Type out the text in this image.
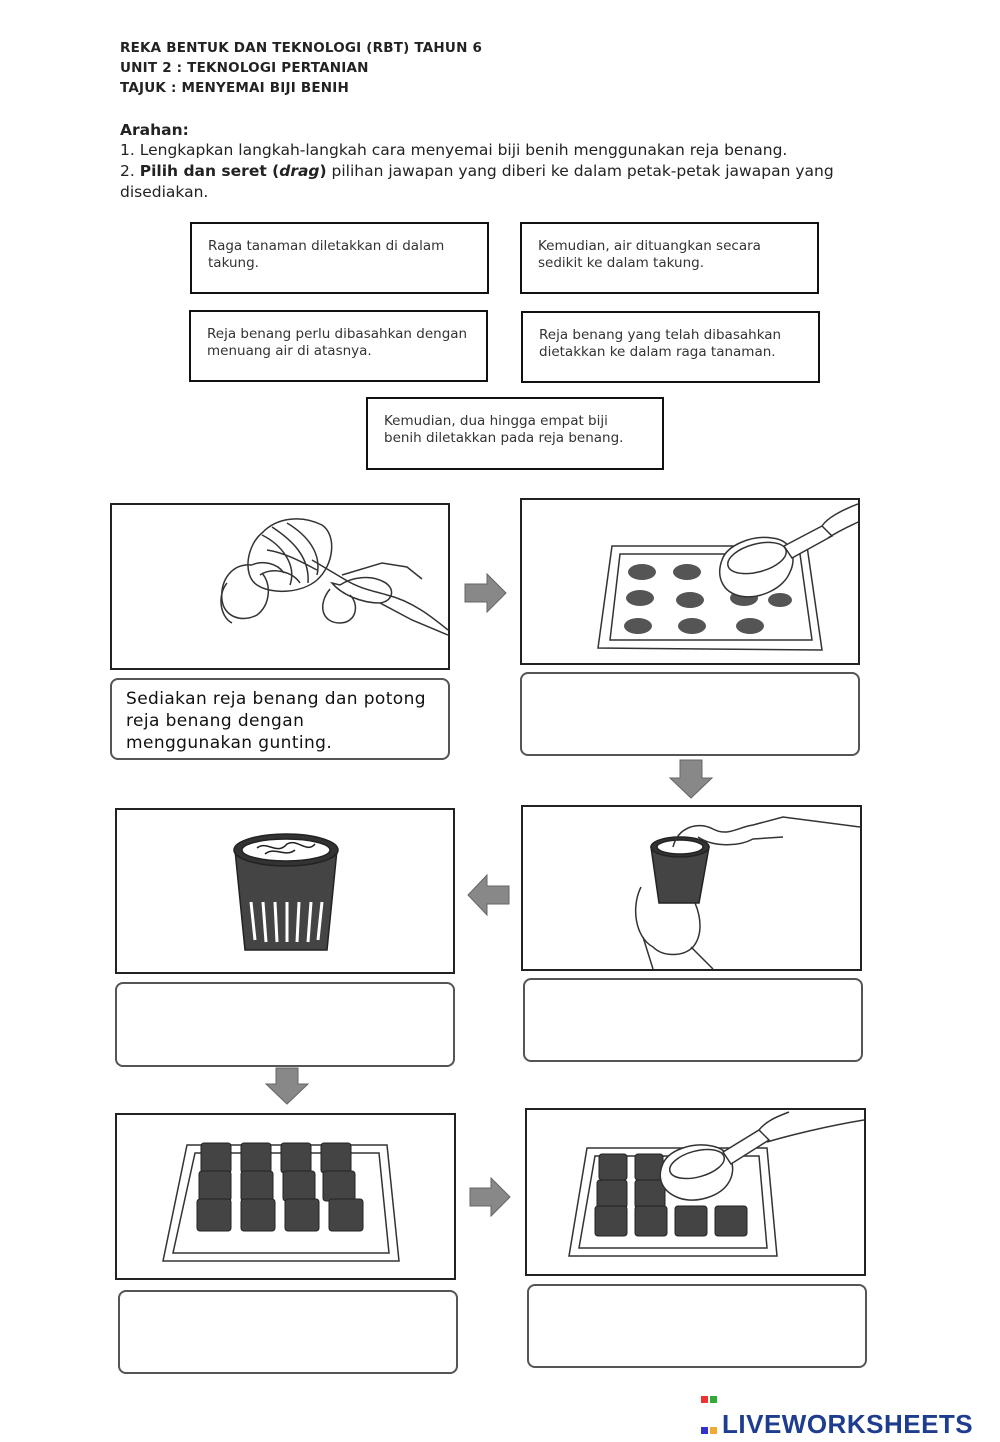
REKA BENTUK DAN TEKNOLOGI (RBT) TAHUN 6
UNIT 2 : TEKNOLOGI PERTANIAN
TAJUK : MENYEMAI BIJI BENIH
Arahan:
1. Lengkapkan langkah-langkah cara menyemai biji benih menggunakan reja benang.
2. Pilih dan seret (drag) pilihan jawapan yang diberi ke dalam petak-petak jawapan yang disediakan.
Raga tanaman diletakkan di dalam takung.
Kemudian, air dituangkan secara sedikit ke dalam takung.
Reja benang perlu dibasahkan dengan menuang air di atasnya.
Reja benang yang telah dibasahkan dietakkan ke dalam raga tanaman.
Kemudian, dua hingga empat biji benih diletakkan pada reja benang.
Sediakan reja benang dan potong reja benang dengan menggunakan gunting.

LIVEWORKSHEETS
